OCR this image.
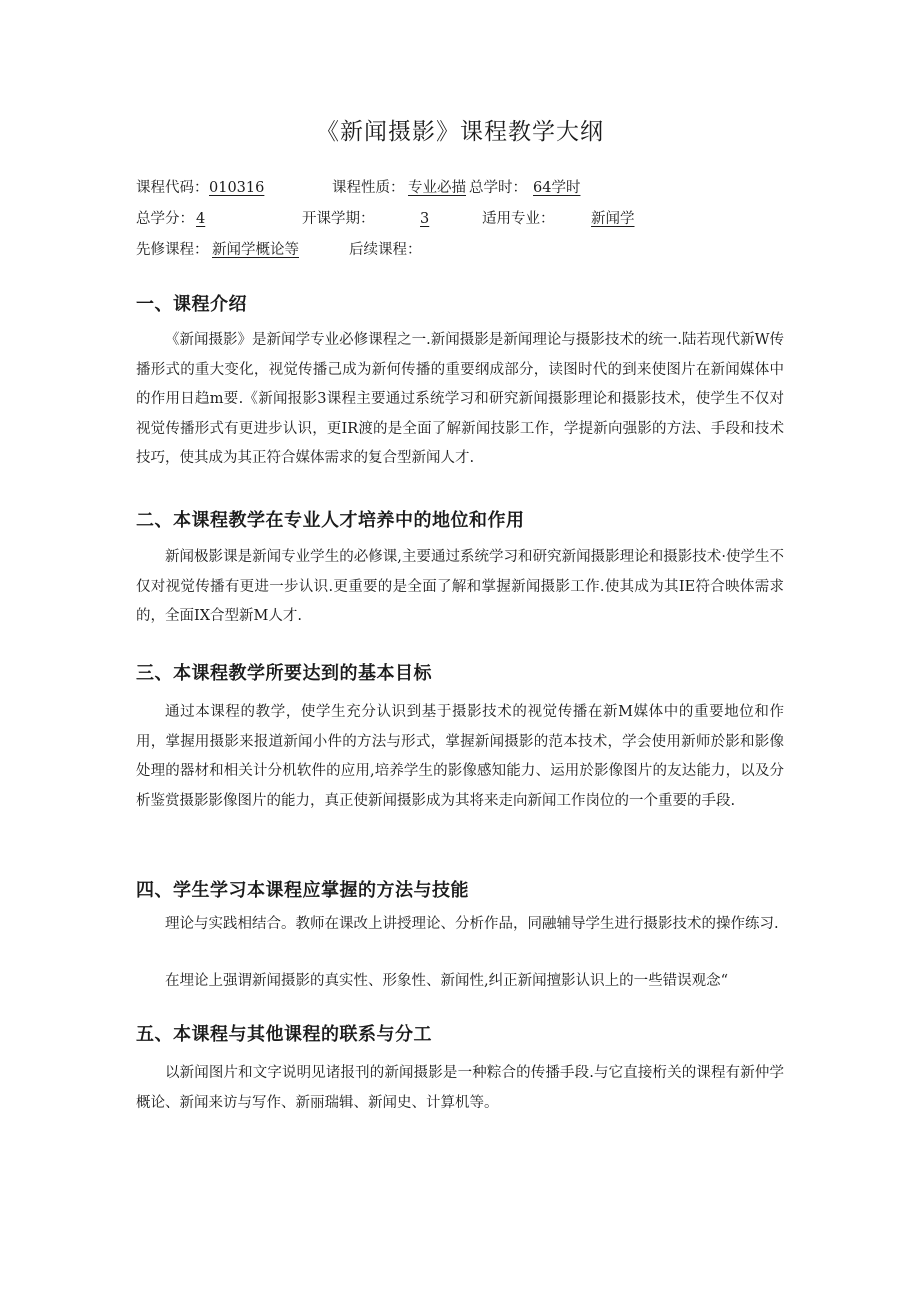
《新闻摄影》课程教学大纲
课程代码： 010316	课程性质： 专业必描 总学时： 64学时
总学分： 4	开课学期：	3	适用专业：	新闻学
先修课程： 新闻学概论等	后续课程：
一、课程介绍

《新闻摄影》是新闻学专业必修课程之一.新闻摄影是新闻理论与摄影技术的统一.陆若现代新W传播形式的重大变化，视觉传播己成为新何传播的重要纲成部分，读图时代的到来使图片在新闻媒体中的作用日趋m要.《新闻报影3课程主要通过系统学习和研究新闻摄影理论和摄影技术，使学生不仅对视觉传播形式有更进步认识，更IR渡的是全面了解新闻技影工作，学提新向强影的方法、手段和技术技巧，使其成为其正符合媒体需求的复合型新闻人才.

二、本课程教学在专业人才培养中的地位和作用

新闻极影课是新闻专业学生的必修课,主要通过系统学习和研究新闻摄影理论和摄影技术·使学生不仅对视觉传播有更进一步认识.更重要的是全面了解和掌握新闻摄影工作.使其成为其IE符合映体需求的，全面IX合型新M人才.

三、本课程教学所要达到的基本目标

通过本课程的教学，使学生充分认识到基于摄影技术的视觉传播在新M媒体中的重要地位和作用，掌握用摄影来报道新闻小件的方法与形式，掌握新闻摄影的范本技术，学会使用新师於影和影像处理的器材和相关计分机软件的应用,培养学生的影像感知能力、运用於影像图片的友达能力，以及分析鉴赏摄影影像图片的能力，真正使新闻摄影成为其将来走向新闻工作岗位的一个重要的手段.

四、学生学习本课程应掌握的方法与技能

理论与实践相结合。教师在课改上讲授理论、分析作品，同融辅导学生进行摄影技术的操作练习.

在埋论上强谓新闻摄影的真实性、形象性、新闻性,纠正新闻擅影认识上的一些错误观念“

五、本课程与其他课程的联系与分工

以新闻图片和文字说明见诸报刊的新闻摄影是一种粽合的传播手段.与它直接桁关的课程有新仲学概论、新闻来访与写作、新丽瑞辑、新闻史、计算机等。
